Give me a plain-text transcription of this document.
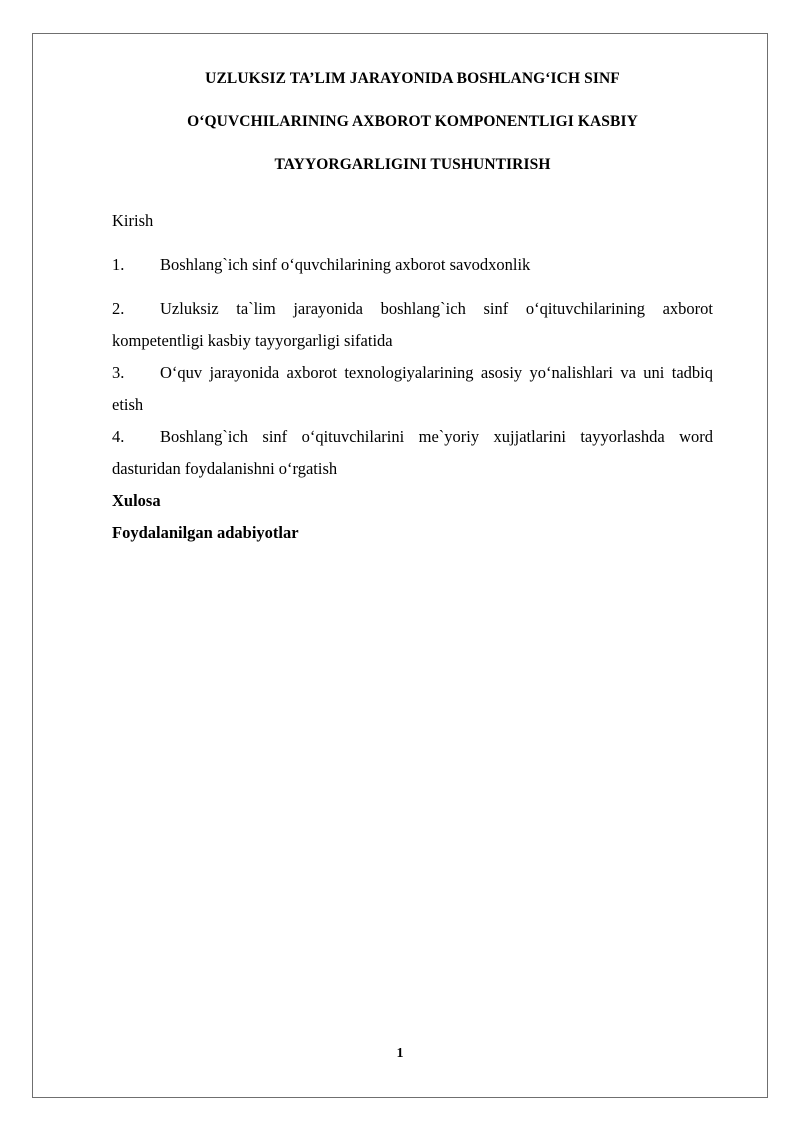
UZLUKSIZ TA’LIM JARAYONIDA BOSHLANG‘ICH SINF
O‘QUVCHILARINING AXBOROT KOMPONENTLIGI KASBIY
TAYYORGARLIGINI TUSHUNTIRISH

Kirish

1. Boshlang`ich sinf o‘quvchilarining axborot savodxonlik

2. Uzluksiz ta`lim jarayonida boshlang`ich sinf o‘qituvchilarining axborot kompetentligi kasbiy tayyorgarligi sifatida

3. O‘quv jarayonida axborot texnologiyalarining asosiy yo‘nalishlari va uni tadbiq etish

4. Boshlang`ich sinf o‘qituvchilarini me`yoriy xujjatlarini tayyorlashda word dasturidan foydalanishni o‘rgatish

Xulosa

Foydalanilgan adabiyotlar

1
